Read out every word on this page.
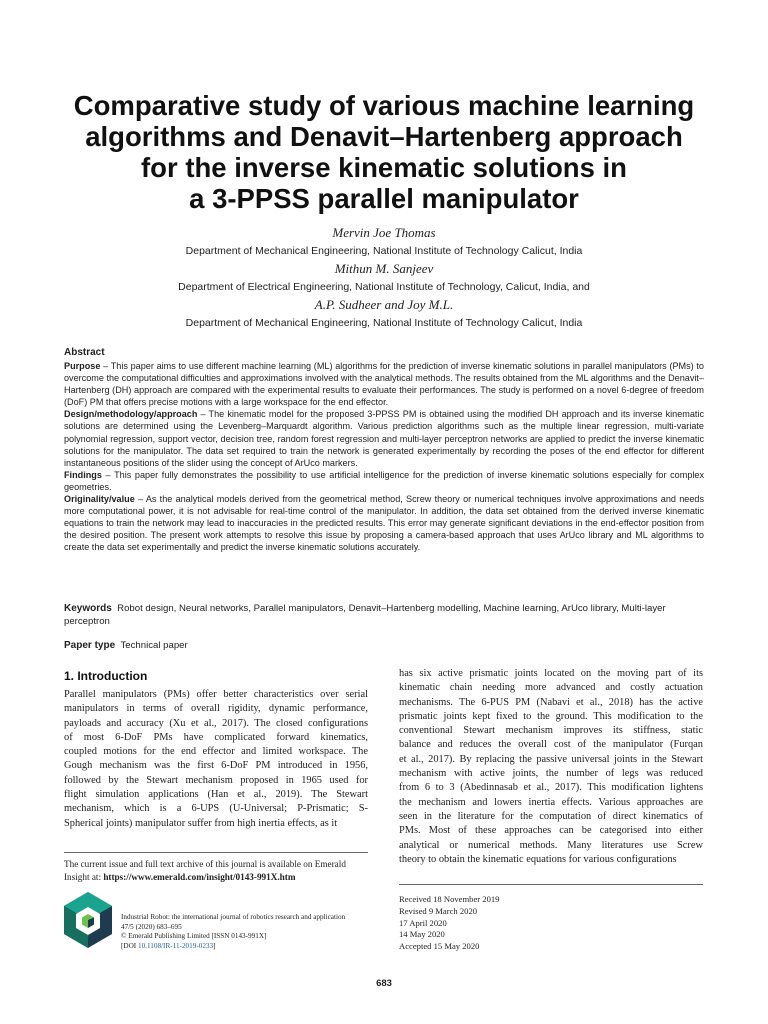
Comparative study of various machine learning
algorithms and Denavit–Hartenberg approach
for the inverse kinematic solutions in
a 3-PPSS parallel manipulator
Mervin Joe Thomas
Department of Mechanical Engineering, National Institute of Technology Calicut, India
Mithun M. Sanjeev
Department of Electrical Engineering, National Institute of Technology, Calicut, India, and
A.P. Sudheer and Joy M.L.
Department of Mechanical Engineering, National Institute of Technology Calicut, India
Abstract

Purpose – This paper aims to use different machine learning (ML) algorithms for the prediction of inverse kinematic solutions in parallel manipulators (PMs) to overcome the computational difficulties and approximations involved with the analytical methods. The results obtained from the ML algorithms and the Denavit–Hartenberg (DH) approach are compared with the experimental results to evaluate their performances. The study is performed on a novel 6-degree of freedom (DoF) PM that offers precise motions with a large workspace for the end effector.

Design/methodology/approach – The kinematic model for the proposed 3-PPSS PM is obtained using the modified DH approach and its inverse kinematic solutions are determined using the Levenberg–Marquardt algorithm. Various prediction algorithms such as the multiple linear regression, multi-variate polynomial regression, support vector, decision tree, random forest regression and multi-layer perceptron networks are applied to predict the inverse kinematic solutions for the manipulator. The data set required to train the network is generated experimentally by recording the poses of the end effector for different instantaneous positions of the slider using the concept of ArUco markers.

Findings – This paper fully demonstrates the possibility to use artificial intelligence for the prediction of inverse kinematic solutions especially for complex geometries.

Originality/value – As the analytical models derived from the geometrical method, Screw theory or numerical techniques involve approximations and needs more computational power, it is not advisable for real-time control of the manipulator. In addition, the data set obtained from the derived inverse kinematic equations to train the network may lead to inaccuracies in the predicted results. This error may generate significant deviations in the end-effector position from the desired position. The present work attempts to resolve this issue by proposing a camera-based approach that uses ArUco library and ML algorithms to create the data set experimentally and predict the inverse kinematic solutions accurately.

Keywords Robot design, Neural networks, Parallel manipulators, Denavit–Hartenberg modelling, Machine learning, ArUco library, Multi-layer perceptron
Paper type Technical paper
1. Introduction
Parallel manipulators (PMs) offer better characteristics over serial
manipulators in terms of overall rigidity, dynamic performance,
payloads and accuracy (Xu et al., 2017). The closed configurations
of most 6-DoF PMs have complicated forward kinematics,
coupled motions for the end effector and limited workspace. The
Gough mechanism was the first 6-DoF PM introduced in 1956,
followed by the Stewart mechanism proposed in 1965 used for
flight simulation applications (Han et al., 2019). The Stewart
mechanism, which is a 6-UPS (U-Universal; P-Prismatic; S-
Spherical joints) manipulator suffer from high inertia effects, as it
has six active prismatic joints located on the moving part of its
kinematic chain needing more advanced and costly actuation
mechanisms. The 6-PUS PM (Nabavi et al., 2018) has the active
prismatic joints kept fixed to the ground. This modification to the
conventional Stewart mechanism improves its stiffness, static
balance and reduces the overall cost of the manipulator (Furqan
et al., 2017). By replacing the passive universal joints in the Stewart
mechanism with active joints, the number of legs was reduced
from 6 to 3 (Abedinnasab et al., 2017). This modification lightens
the mechanism and lowers inertia effects. Various approaches are
seen in the literature for the computation of direct kinematics of
PMs. Most of these approaches can be categorised into either
analytical or numerical methods. Many literatures use Screw
theory to obtain the kinematic equations for various configurations
The current issue and full text archive of this journal is available on Emerald Insight at: https://www.emerald.com/insight/0143-991X.htm
Industrial Robot: the international journal of robotics research and application
47/5 (2020) 683–695
© Emerald Publishing Limited [ISSN 0143-991X]
[DOI 10.1108/IR-11-2019-0233]
Received 18 November 2019
Revised 9 March 2020
17 April 2020
14 May 2020
Accepted 15 May 2020
683
